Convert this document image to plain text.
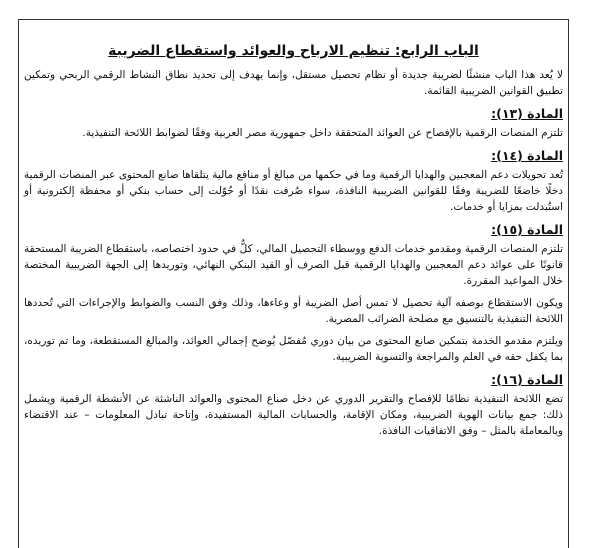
الباب الرابع: تنظيم الارباح والعوائد واستقطاع الضريبة

لا يُعد هذا الباب منشئًا لضريبة جديدة أو نظام تحصيل مستقل، وإنما يهدف إلى تحديد نطاق النشاط الرقمي الربحي وتمكين تطبيق القوانين الضريبية القائمة.

المادة (١٣):

تلتزم المنصات الرقمية بالإفصاح عن العوائد المتحققة داخل جمهورية مصر العربية وفقًا لضوابط اللائحة التنفيذية.

المادة (١٤):

تُعد تحويلات دعم المعجبين والهدايا الرقمية وما في حكمها من مبالغ أو منافع مالية يتلقاها صانع المحتوى عبر المنصات الرقمية دخلًا خاضعًا للضريبة وفقًا للقوانين الضريبية النافذة، سواء صُرفت نقدًا أو حُوّلت إلى حساب بنكي أو محفظة إلكترونية أو استُبدلت بمزايا أو خدمات.

المادة (١٥):

تلتزم المنصات الرقمية ومقدمو خدمات الدفع ووسطاء التحصيل المالي، كلٌّ في حدود اختصاصه، باستقطاع الضريبة المستحقة قانونًا على عوائد دعم المعجبين والهدايا الرقمية قبل الصرف أو القيد البنكي النهائي، وتوريدها إلى الجهة الضريبية المختصة خلال المواعيد المقررة.

ويكون الاستقطاع بوصفه آلية تحصيل لا تمس أصل الضريبة أو وعاءها، وذلك وفق النسب والضوابط والإجراءات التي تُحددها اللائحة التنفيذية بالتنسيق مع مصلحة الضرائب المصرية.

ويلتزم مقدمو الخدمة بتمكين صانع المحتوى من بيان دوري مُفصّل يُوضح إجمالي العوائد، والمبالغ المستقطعة، وما تم توريده، بما يكفل حقه في العلم والمراجعة والتسوية الضريبية.

المادة (١٦):

تضع اللائحة التنفيذية نظامًا للإفصاح والتقرير الدوري عن دخل صناع المحتوى والعوائد الناشئة عن الأنشطة الرقمية ويشمل ذلك: جمع بيانات الهوية الضريبية، ومكان الإقامة، والحسابات المالية المستفيدة، وإتاحة تبادل المعلومات – عند الاقتضاء وبالمعاملة بالمثل – وفق الاتفاقيات النافذة.
